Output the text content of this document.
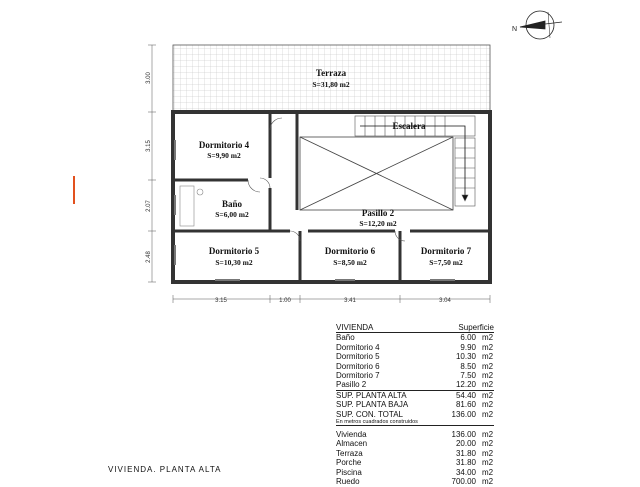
Terraza
S=31,80 m2
Dormitorio 4
S=9,90 m2
Baño
S=6,00 m2
Escalera
Pasillo 2
S=12,20 m2
Dormitorio 5
S=10,30 m2
Dormitorio 6
S=8,50 m2
Dormitorio 7
S=7,50 m2
3.00
3.15
2.07
2.48
3.15	1.00	3.41	3.04
N
VIVIENDA	Superficie
Baño	6.00 m2
Dormitorio 4	9.90 m2
Dormitorio 5	10.30 m2
Dormitorio 6	8.50 m2
Dormitorio 7	7.50 m2
Pasillo 2	12.20 m2
SUP. PLANTA ALTA	54.40 m2
SUP. PLANTA BAJA	81.60 m2
SUP. CON. TOTAL	136.00 m2
En metros cuadrados construidos
Vivienda	136.00 m2
Almacen	20.00 m2
Terraza	31.80 m2
Porche	31.80 m2
Piscina	34.00 m2
Ruedo	700.00 m2
VIVIENDA. PLANTA ALTA
